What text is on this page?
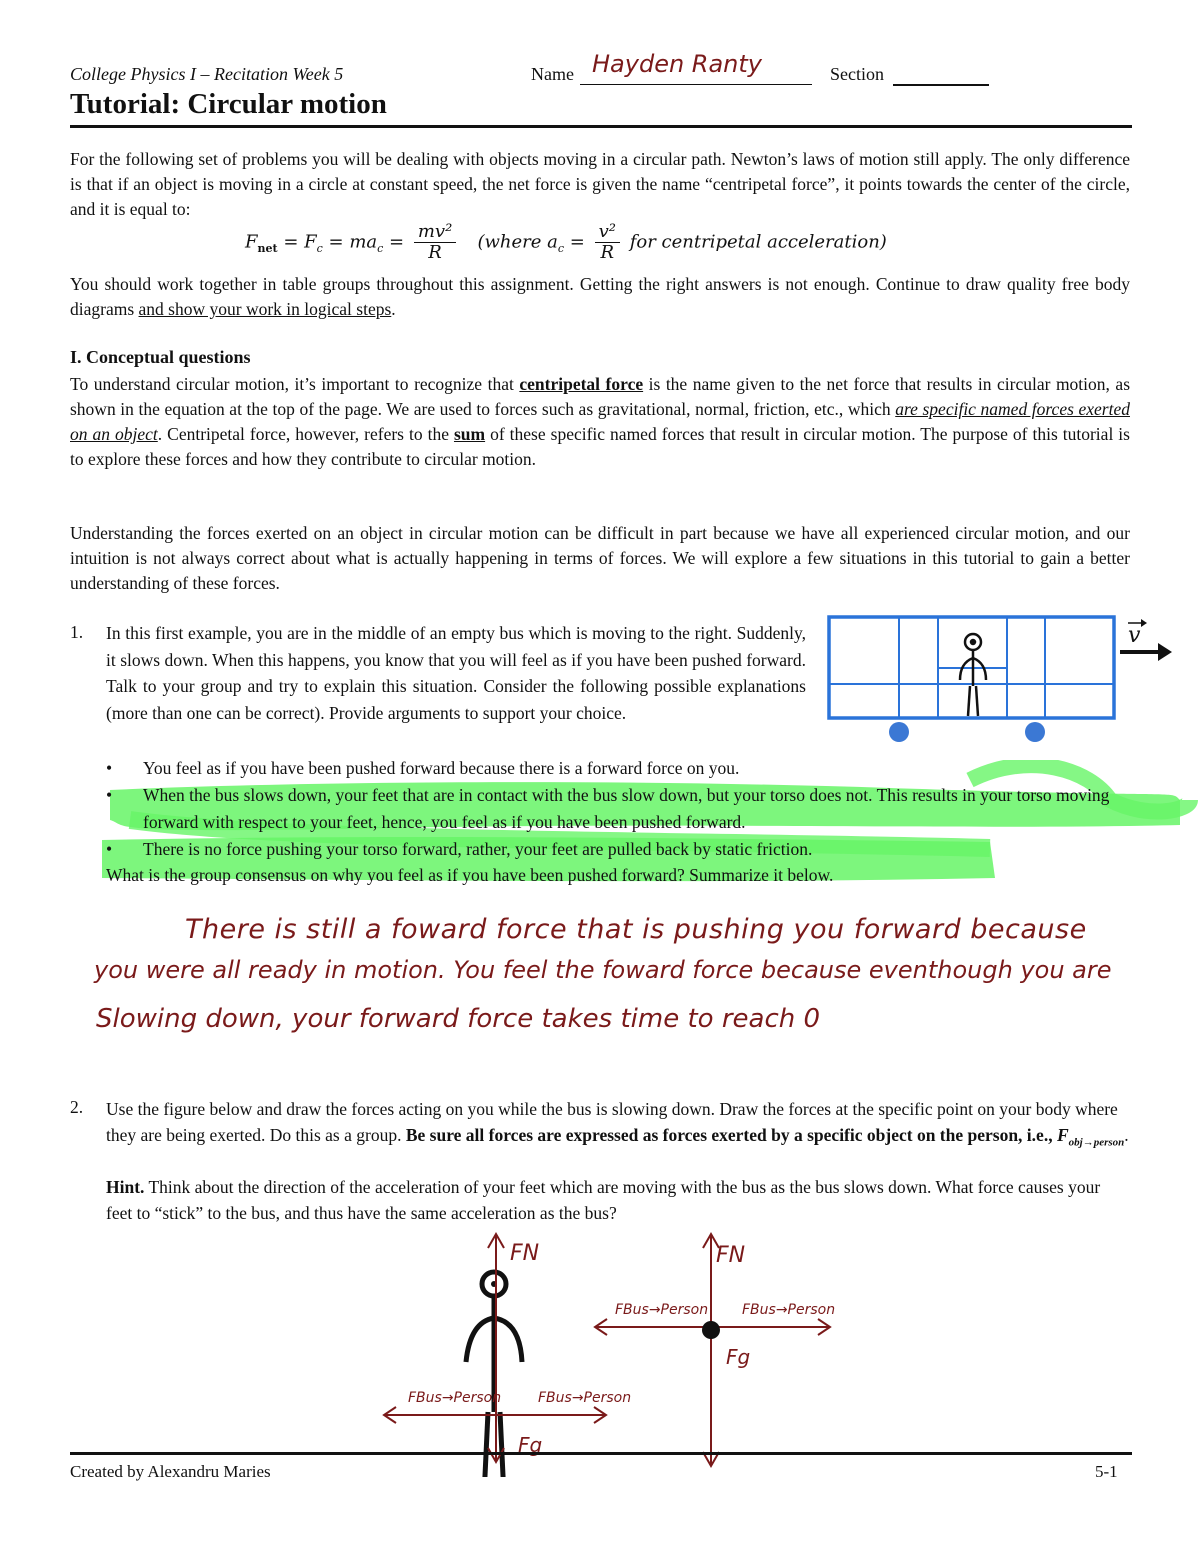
College Physics I – Recitation Week 5	Name Hayden Ranty	Section
Tutorial: Circular motion
For the following set of problems you will be dealing with objects moving in a circular path. Newton’s laws of motion still apply. The only difference is that if an object is moving in a circle at constant speed, the net force is given the name “centripetal force”, it points towards the center of the circle, and it is equal to:
$F_{net} = F_c = ma_c = \frac{\text{mv²}}{R}$ (where $a_c = \frac{\text{v²}}{R}$ for centripetal acceleration)
You should work together in table groups throughout this assignment. Getting the right answers is not enough. Continue to draw quality free body diagrams and show your work in logical steps.
I. Conceptual questions
To understand circular motion, it’s important to recognize that centripetal force is the name given to the net force that results in circular motion, as shown in the equation at the top of the page. We are used to forces such as gravitational, normal, friction, etc., which are specific named forces exerted on an object. Centripetal force, however, refers to the sum of these specific named forces that result in circular motion. The purpose of this tutorial is to explore these forces and how they contribute to circular motion.
Understanding the forces exerted on an object in circular motion can be difficult in part because we have all experienced circular motion, and our intuition is not always correct about what is actually happening in terms of forces. We will explore a few situations in this tutorial to gain a better understanding of these forces.
1. In this first example, you are in the middle of an empty bus which is moving to the right. Suddenly, it slows down. When this happens, you know that you will feel as if you have been pushed forward. Talk to your group and try to explain this situation. Consider the following possible explanations (more than one can be correct). Provide arguments to support your choice.
v
• You feel as if you have been pushed forward because there is a forward force on you.
• When the bus slows down, your feet that are in contact with the bus slow down, but your torso does not. This results in your torso moving forward with respect to your feet, hence, you feel as if you have been pushed forward.
• There is no force pushing your torso forward, rather, your feet are pulled back by static friction.
What is the group consensus on why you feel as if you have been pushed forward? Summarize it below.
There is still a foward force that is pushing you forward because
you were all ready in motion. You feel the foward force because eventhough you are
Slowing down, your forward force takes time to reach 0
2. Use the figure below and draw the forces acting on you while the bus is slowing down. Draw the forces at the specific point on your body where they are being exerted. Do this as a group. Be sure all forces are expressed as forces exerted by a specific object on the person, i.e., $F_{obj\to person}$.
Hint. Think about the direction of the acceleration of your feet which are moving with the bus as the bus slows down. What force causes your feet to “stick” to the bus, and thus have the same acceleration as the bus?
FN
Fg
FBus→Person	FBus→Person
FN
Fg
FBus→Person FBus→Person
Created by Alexandru Maries	5-1
